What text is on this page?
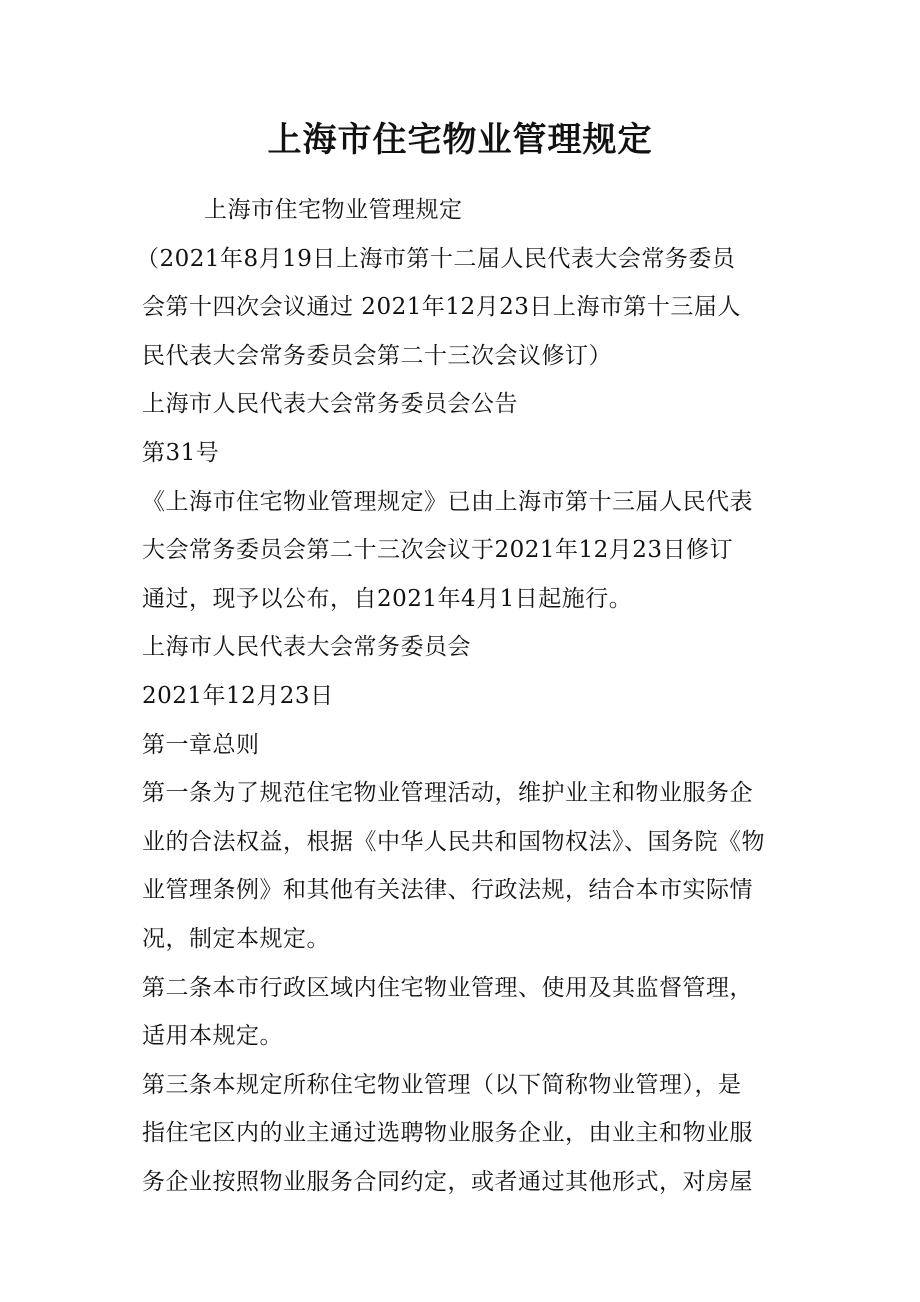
上海市住宅物业管理规定
上海市住宅物业管理规定
（2021年8月19日上海市第十二届人民代表大会常务委员
会第十四次会议通过 2021年12月23日上海市第十三届人
民代表大会常务委员会第二十三次会议修订）
上海市人民代表大会常务委员会公告
第31号
《上海市住宅物业管理规定》已由上海市第十三届人民代表
大会常务委员会第二十三次会议于2021年12月23日修订
通过，现予以公布，自2021年4月1日起施行。
上海市人民代表大会常务委员会
2021年12月23日
第一章总则
第一条为了规范住宅物业管理活动，维护业主和物业服务企
业的合法权益，根据《中华人民共和国物权法》、国务院《物
业管理条例》和其他有关法律、行政法规，结合本市实际情
况，制定本规定。
第二条本市行政区域内住宅物业管理、使用及其监督管理，
适用本规定。
第三条本规定所称住宅物业管理（以下简称物业管理），是
指住宅区内的业主通过选聘物业服务企业，由业主和物业服
务企业按照物业服务合同约定，或者通过其他形式，对房屋
